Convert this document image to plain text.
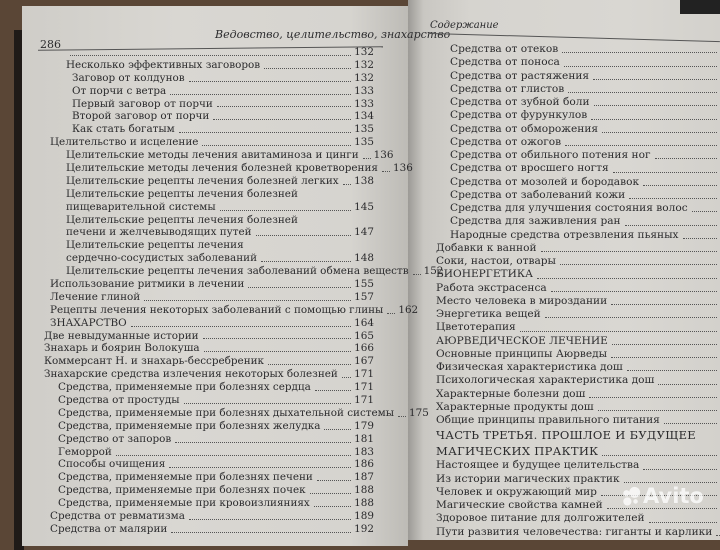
286
Ведовство, целительство, знахарство
Содержание
132
Несколько эффективных заговоров	132
Заговор от колдунов	132
От порчи с ветра	133
Первый заговор от порчи	133
Второй заговор от порчи	134
Как стать богатым	135
Целительство и исцеление	135
Целительские методы лечения авитаминоза и цинги 136
Целительские методы лечения болезней кроветворения 136
Целительские рецепты лечения болезней легких 138
Целительские рецепты лечения болезней
пищеварительной системы	145
Целительские рецепты лечения болезней
печени и желчевыводящих путей	147
Целительские рецепты лечения
сердечно-сосудистых заболеваний	148
Целительские рецепты лечения заболеваний обмена веществ 152
Использование ритмики в лечении	155
Лечение глиной	157
Рецепты лечения некоторых заболеваний с помощью глины 162
ЗНАХАРСТВО	164
Две невыдуманные истории	165
Знахарь и боярин Волокуша	166
Коммерсант Н. и знахарь-бессребреник	167
Знахарские средства излечения некоторых болезней 171
Средства, применяемые при болезнях сердца	171
Средства от простуды	171
Средства, применяемые при болезнях дыхательной системы 175
Средства, применяемые при болезнях желудка	179
Средство от запоров	181
Геморрой	183
Способы очищения	186
Средства, применяемые при болезнях печени	187
Средства, применяемые при болезнях почек	188
Средства, применяемые при кровоизлияниях	188
Средства от ревматизма	189
Средства от малярии	192
Средства от отеков
Средства от поноса
Средства от растяжения
Средства от глистов
Средства от зубной боли
Средства от фурункулов
Средства от обморожения
Средства от ожогов
Средства от обильного потения ног
Средства от вросшего ногтя
Средства от мозолей и бородавок
Средства от заболеваний кожи
Средства для улучшения состояния волос
Средства для заживления ран
Народные средства отрезвления пьяных
Добавки к ванной
Соки, настои, отвары
БИОНЕРГЕТИКА
Работа экстрасенса
Место человека в мироздании
Энергетика вещей
Цветотерапия
АЮРВЕДИЧЕСКОЕ ЛЕЧЕНИЕ
Основные принципы Аюрведы
Физическая характеристика дош
Психологическая характеристика дош
Характерные болезни дош
Характерные продукты дош
Общие принципы правильного питания
ЧАСТЬ ТРЕТЬЯ. ПРОШЛОЕ И БУДУЩЕЕ
МАГИЧЕСКИХ ПРАКТИК
Настоящее и будущее целительства
Из истории магических практик
Человек и окружающий мир
Магические свойства камней
Здоровое питание для долгожителей
Пути развития человечества: гиганты и карлики
Avito
